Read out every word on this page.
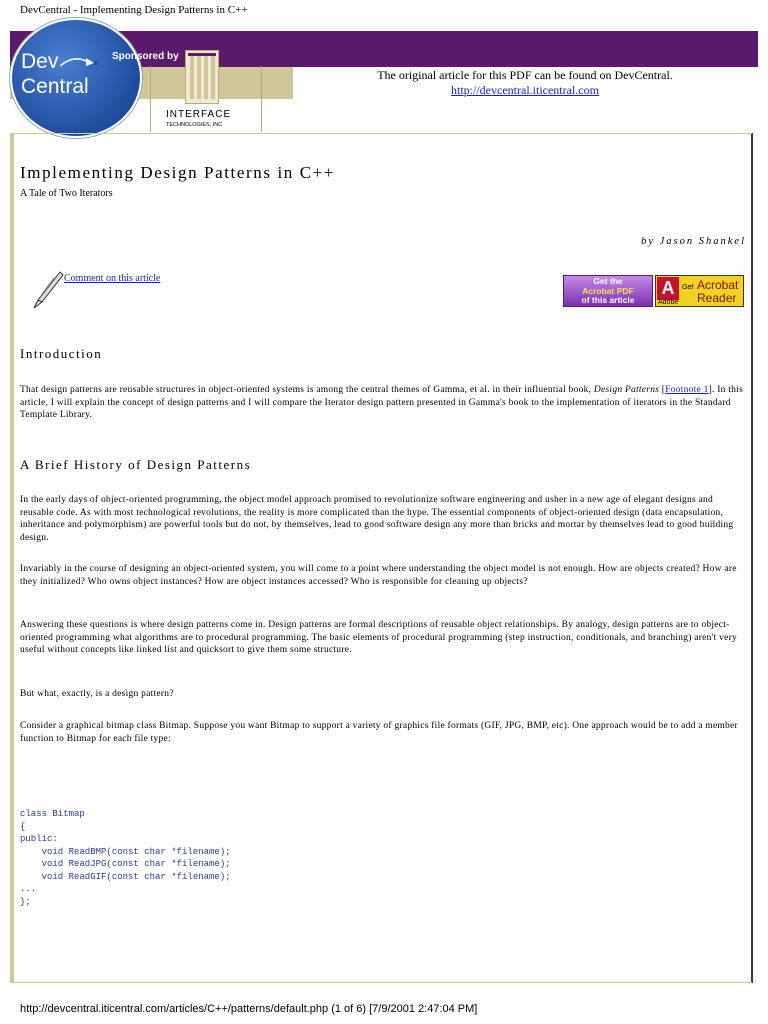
DevCentral - Implementing Design Patterns in C++
Dev
Central
Sponsored by
INTERFACE
TECHNOLOGIES, INC
The original article for this PDF can be found on DevCentral.
http://devcentral.iticentral.com
Implementing Design Patterns in C++
A Tale of Two Iterators
by Jason Shankel
Comment on this article	Get the
Acrobat PDF
of this article
A
Adobe
Get Acrobat
Reader
Introduction

That design patterns are reusable structures in object-oriented systems is among the central themes of Gamma, et al. in their influential book, Design Patterns [Footnote 1]. In this article, I will explain the concept of design patterns and I will compare the Iterator design pattern presented in Gamma's book to the implementation of iterators in the Standard Template Library.

A Brief History of Design Patterns

In the early days of object-oriented programming, the object model approach promised to revolutionize software engineering and usher in a new age of elegant designs and reusable code. As with most technological revolutions, the reality is more complicated than the hype. The essential components of object-oriented design (data encapsulation, inheritance and polymorphism) are powerful tools but do not, by themselves, lead to good software design any more than bricks and mortar by themselves lead to good building design.

Invariably in the course of designing an object-oriented system, you will come to a point where understanding the object model is not enough. How are objects created? How are they initialized? Who owns object instances? How are object instances accessed? Who is responsible for cleaning up objects?

Answering these questions is where design patterns come in. Design patterns are formal descriptions of reusable object relationships. By analogy, design patterns are to object-oriented programming what algorithms are to procedural programming. The basic elements of procedural programming (step instruction, conditionals, and branching) aren't very useful without concepts like linked list and quicksort to give them some structure.

But what, exactly, is a design pattern?

Consider a graphical bitmap class Bitmap. Suppose you want Bitmap to support a variety of graphics file formats (GIF, JPG, BMP, etc). One approach would be to add a member function to Bitmap for each file type:

class Bitmap
{
public:
void ReadBMP(const char *filename);
void ReadJPG(const char *filename);
void ReadGIF(const char *filename);
...
};
http://devcentral.iticentral.com/articles/C++/patterns/default.php (1 of 6) [7/9/2001 2:47:04 PM]
